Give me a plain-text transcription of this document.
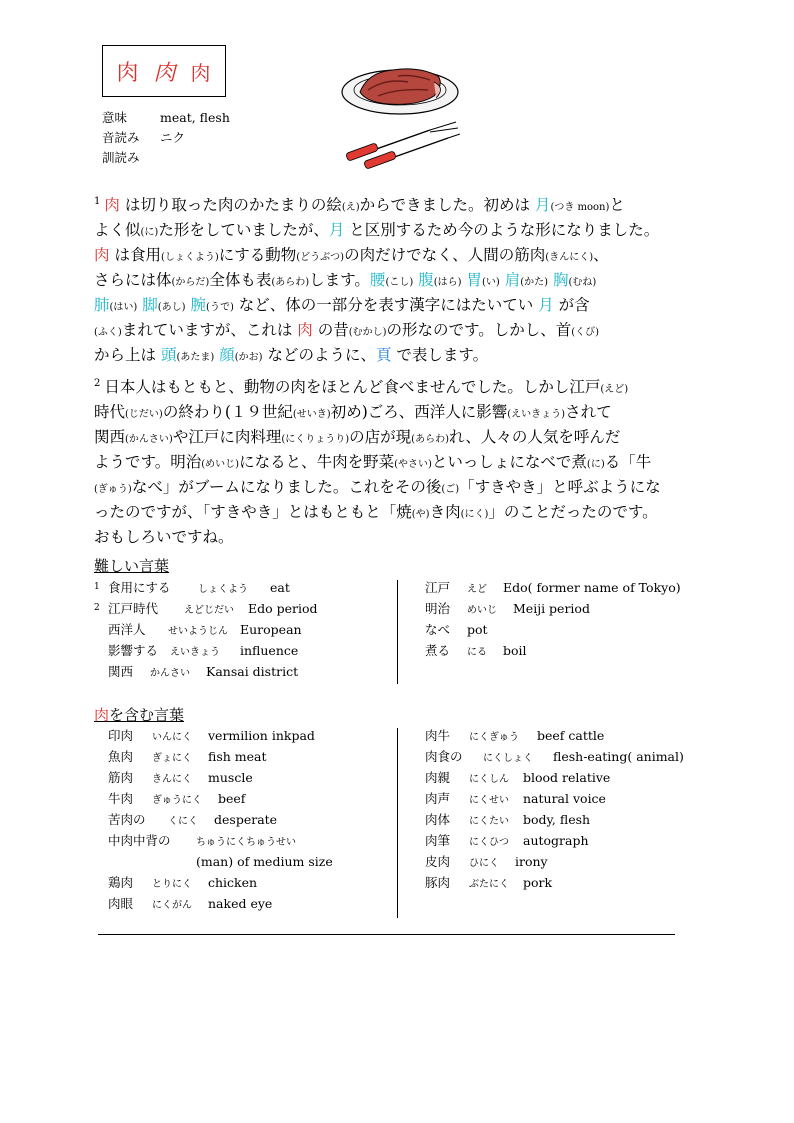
肉 肉 肉
意味	meat, flesh
音読み ニク
訓読み

$^1$ 肉 は切り取った肉のかたまりの絵(え)からできました。初めは 月(つき moon)と
よく似(に)た形をしていましたが、月 と区別するため今のような形になりました。
肉 は食用(しょくよう)にする動物(どうぶつ)の肉だけでなく、人間の筋肉(きんにく)、
さらには体(からだ)全体も表(あらわ)します。腰(こし) 腹(はら) 胃(い) 肩(かた) 胸(むね)
肺(はい) 脚(あし) 腕(うで) など、体の一部分を表す漢字にはたいてい 月 が含
(ふく)まれていますが、これは 肉 の昔(むかし)の形なのです。しかし、首(くび)
から上は 頭(あたま) 顔(かお) などのように、頁 で表します。

$^2$ 日本人はもともと、動物の肉をほとんど食べませんでした。しかし江戸(えど)
時代(じだい)の終わり(１９世紀(せいき)初め)ごろ、西洋人に影響(えいきょう)されて
関西(かんさい)や江戸に肉料理(にくりょうり)の店が現(あらわ)れ、人々の人気を呼んだ
ようです。明治(めいじ)になると、牛肉を野菜(やさい)といっしょになべで煮(に)る「牛
(ぎゅう)なべ」がブームになりました。これをその後(ご)「すきやき」と呼ぶようにな
ったのですが、「すきやき」とはもともと「焼(や)き肉(にく)」のことだったのです。
おもしろいですね。

難しい言葉
1 食用にする	しょくよう eat
2 江戸時代	えどじだい Edo period
西洋人 せいようじん European
影響する えいきょう influence
関西 かんさい Kansai district
江戸 えど Edo( former name of Tokyo)
明治 めいじ Meiji period
なべ pot
煮る にる boil
肉を含む言葉
印肉 いんにく vermilion inkpad
魚肉 ぎょにく fish meat
筋肉 きんにく muscle
牛肉 ぎゅうにく beef
苦肉の くにく desperate
中肉中背の	ちゅうにくちゅうせい
(man) of medium size
鶏肉 とりにく chicken
肉眼 にくがん naked eye
肉牛 にくぎゅう beef cattle
肉食の にくしょく flesh-eating( animal)
肉親 にくしん blood relative
肉声 にくせい natural voice
肉体 にくたい body, flesh
肉筆 にくひつ autograph
皮肉 ひにく irony
豚肉 ぶたにく pork
